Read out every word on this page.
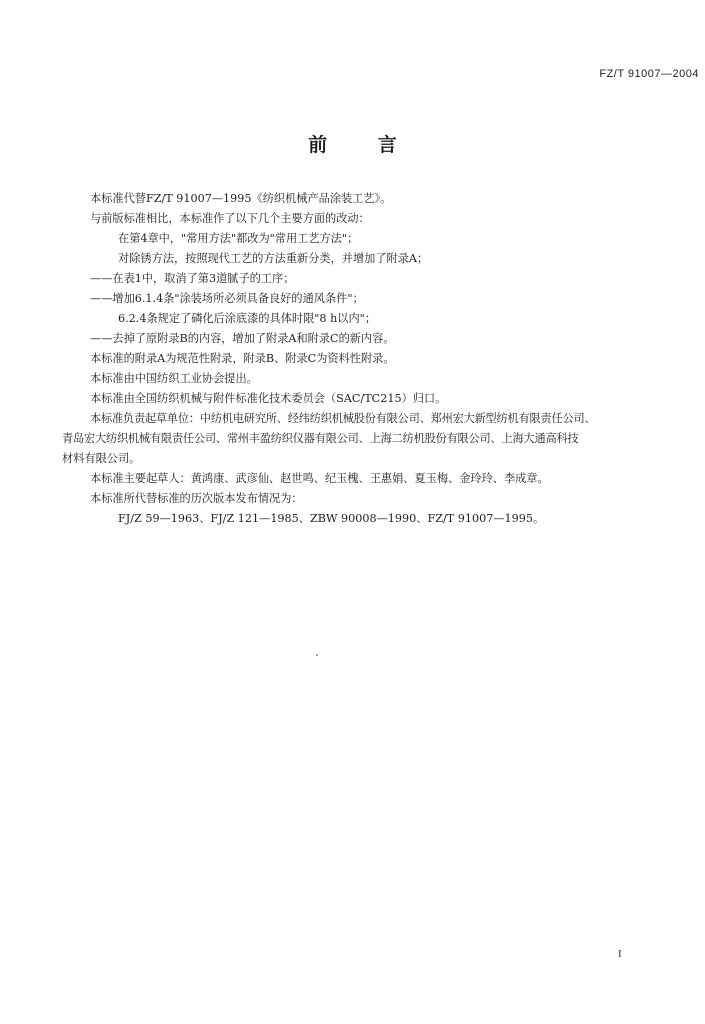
FZ/T 91007—2004
前 言
本标准代替FZ/T 91007—1995《纺织机械产品涂装工艺》。
与前版标准相比，本标准作了以下几个主要方面的改动：
在第4章中，"常用方法"都改为"常用工艺方法"；
对除锈方法，按照现代工艺的方法重新分类，并增加了附录A；
——在表1中，取消了第3道腻子的工序；
——增加6.1.4条"涂装场所必须具备良好的通风条件"；
6.2.4条规定了磷化后涂底漆的具体时限"8 h以内"；
——去掉了原附录B的内容，增加了附录A和附录C的新内容。
本标准的附录A为规范性附录，附录B、附录C为资料性附录。
本标准由中国纺织工业协会提出。
本标准由全国纺织机械与附件标准化技术委员会（SAC/TC215）归口。
本标准负责起草单位：中纺机电研究所、经纬纺织机械股份有限公司、郑州宏大新型纺机有限责任公司、
青岛宏大纺织机械有限责任公司、常州丰盈纺织仪器有限公司、上海二纺机股份有限公司、上海大通高科技
材料有限公司。
本标准主要起草人：黄鸿康、武彦仙、赵世鸣、纪玉槐、王惠娟、夏玉梅、金玲玲、李成章。
本标准所代替标准的历次版本发布情况为：
FJ/Z 59—1963、FJ/Z 121—1985、ZBW 90008—1990、FZ/T 91007—1995。
I
